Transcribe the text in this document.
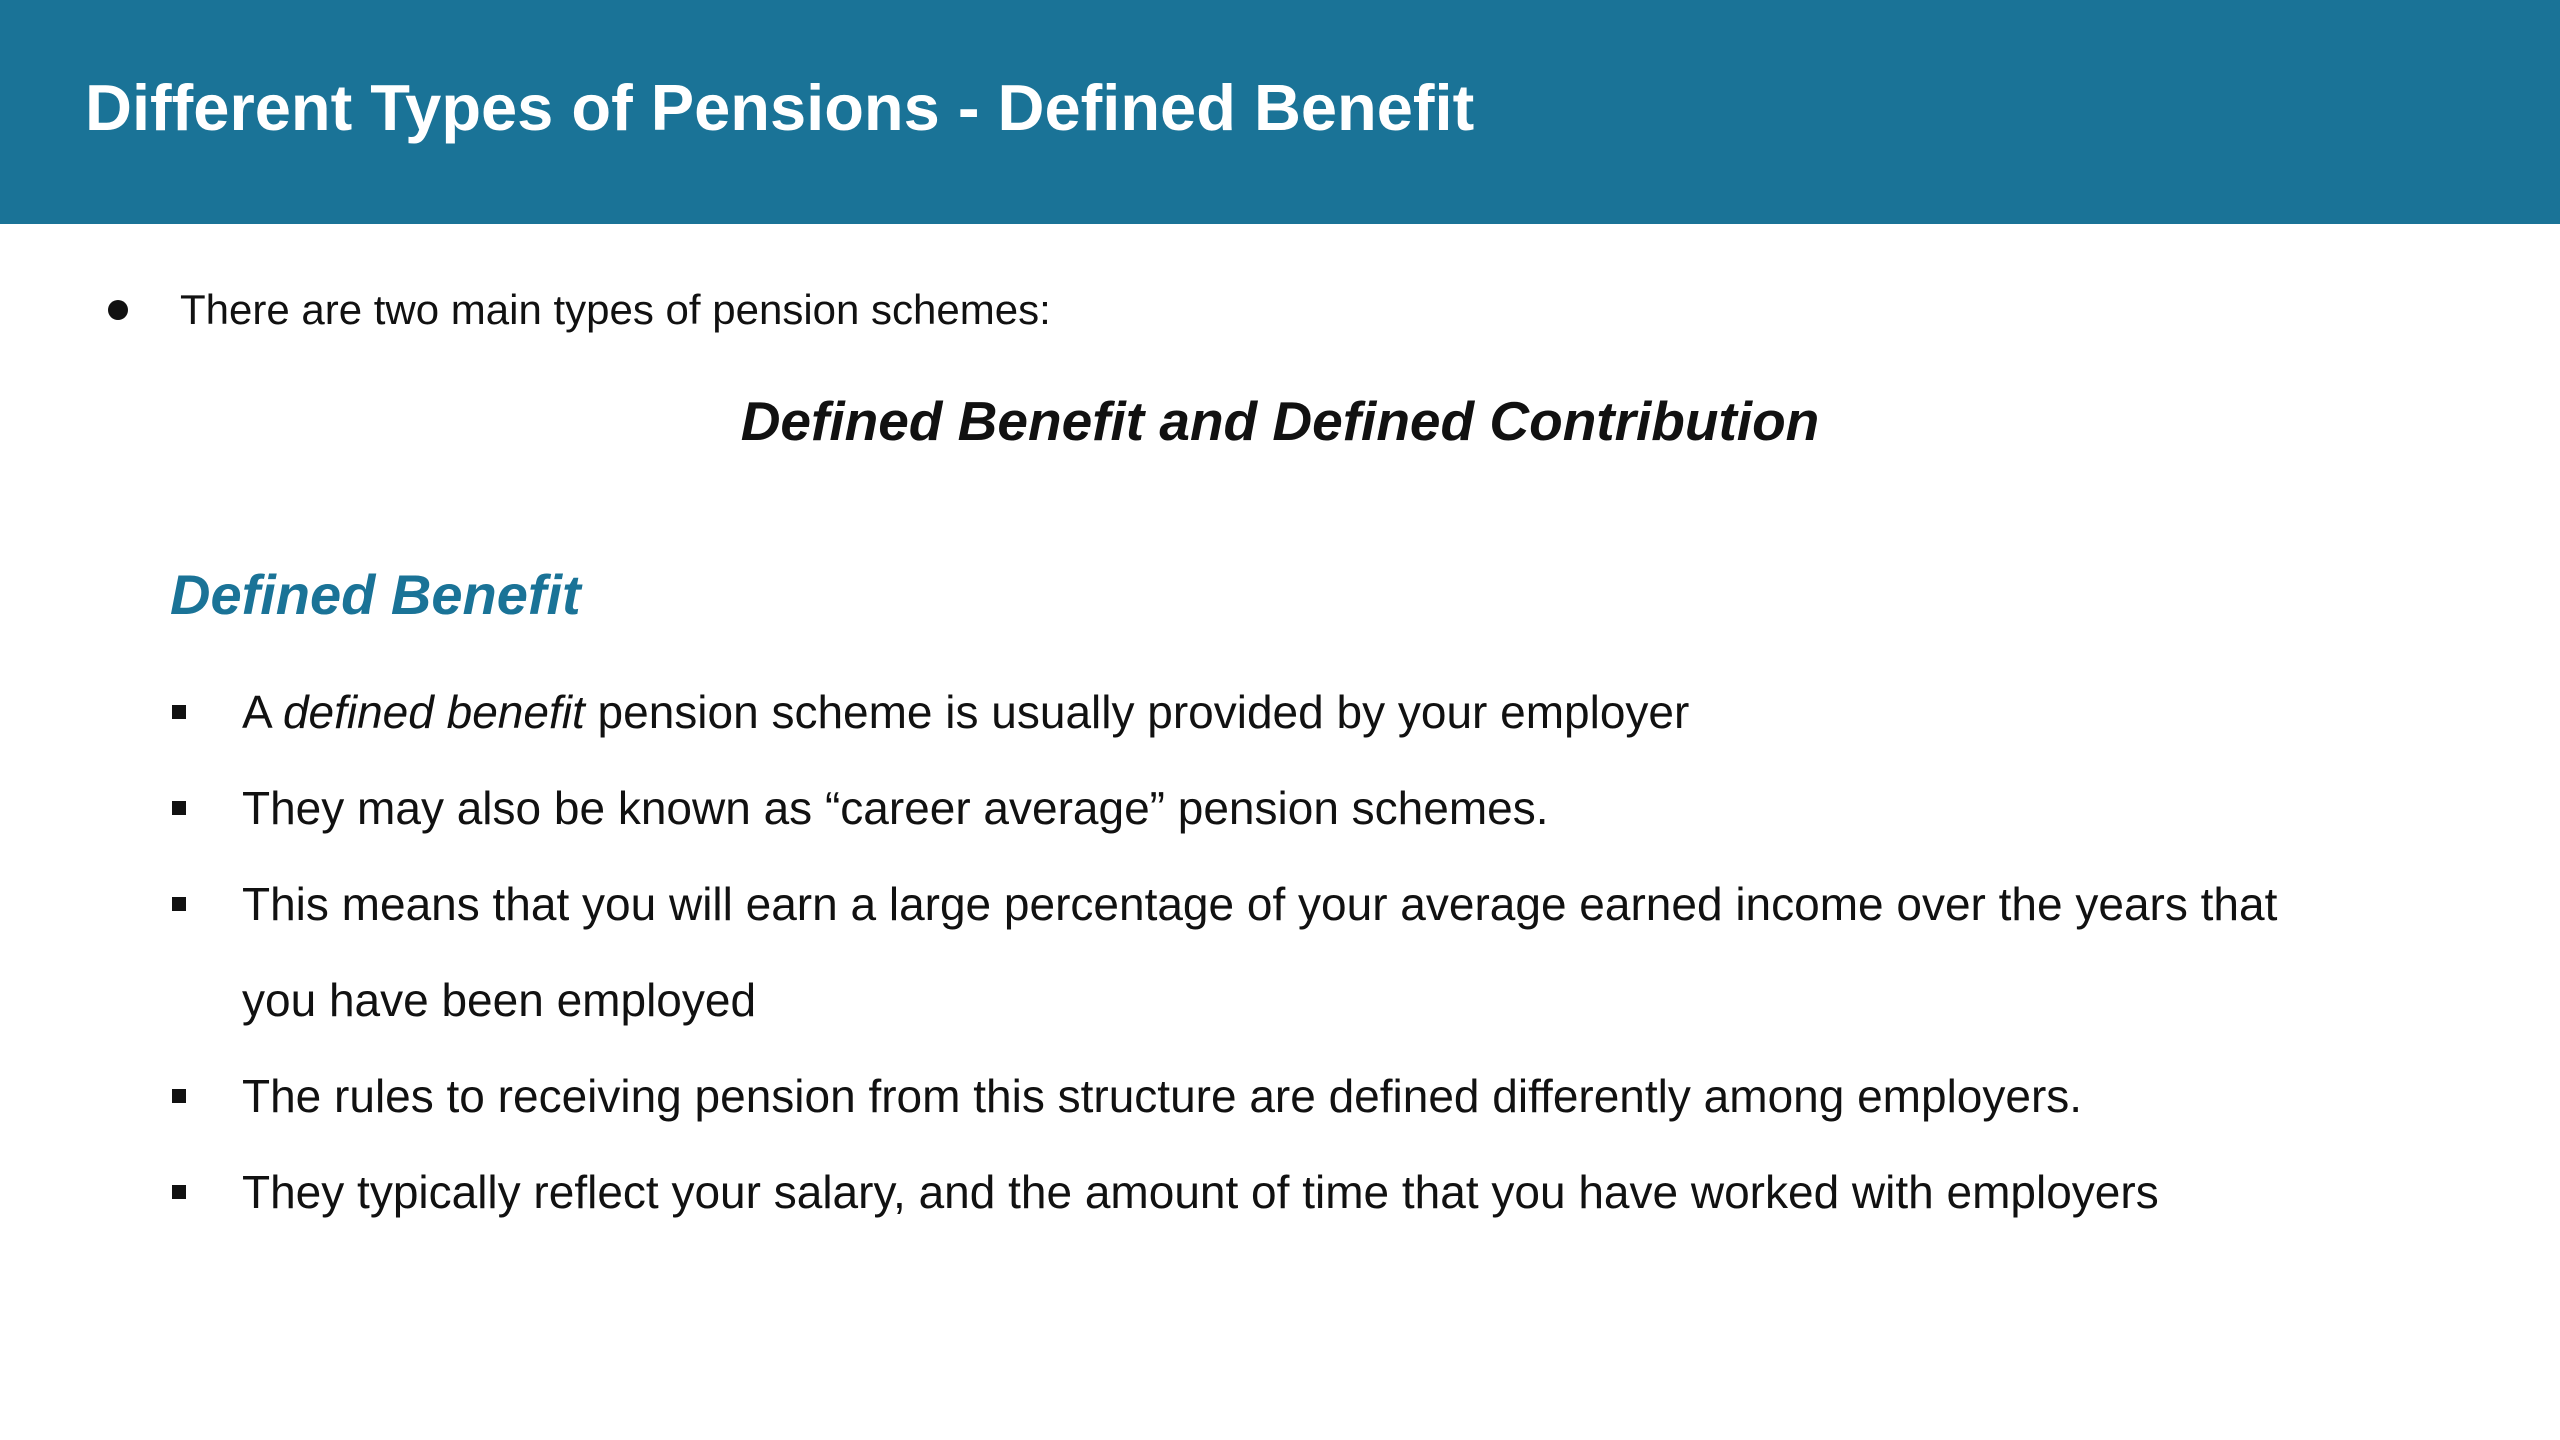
Different Types of Pensions - Defined Benefit
There are two main types of pension schemes:
Defined Benefit and Defined Contribution
Defined Benefit
A defined benefit pension scheme is usually provided by your employer
They may also be known as “career average” pension schemes.
This means that you will earn a large percentage of your average earned income over the years that
you have been employed
The rules to receiving pension from this structure are defined differently among employers.
They typically reflect your salary, and the amount of time that you have worked with employers
